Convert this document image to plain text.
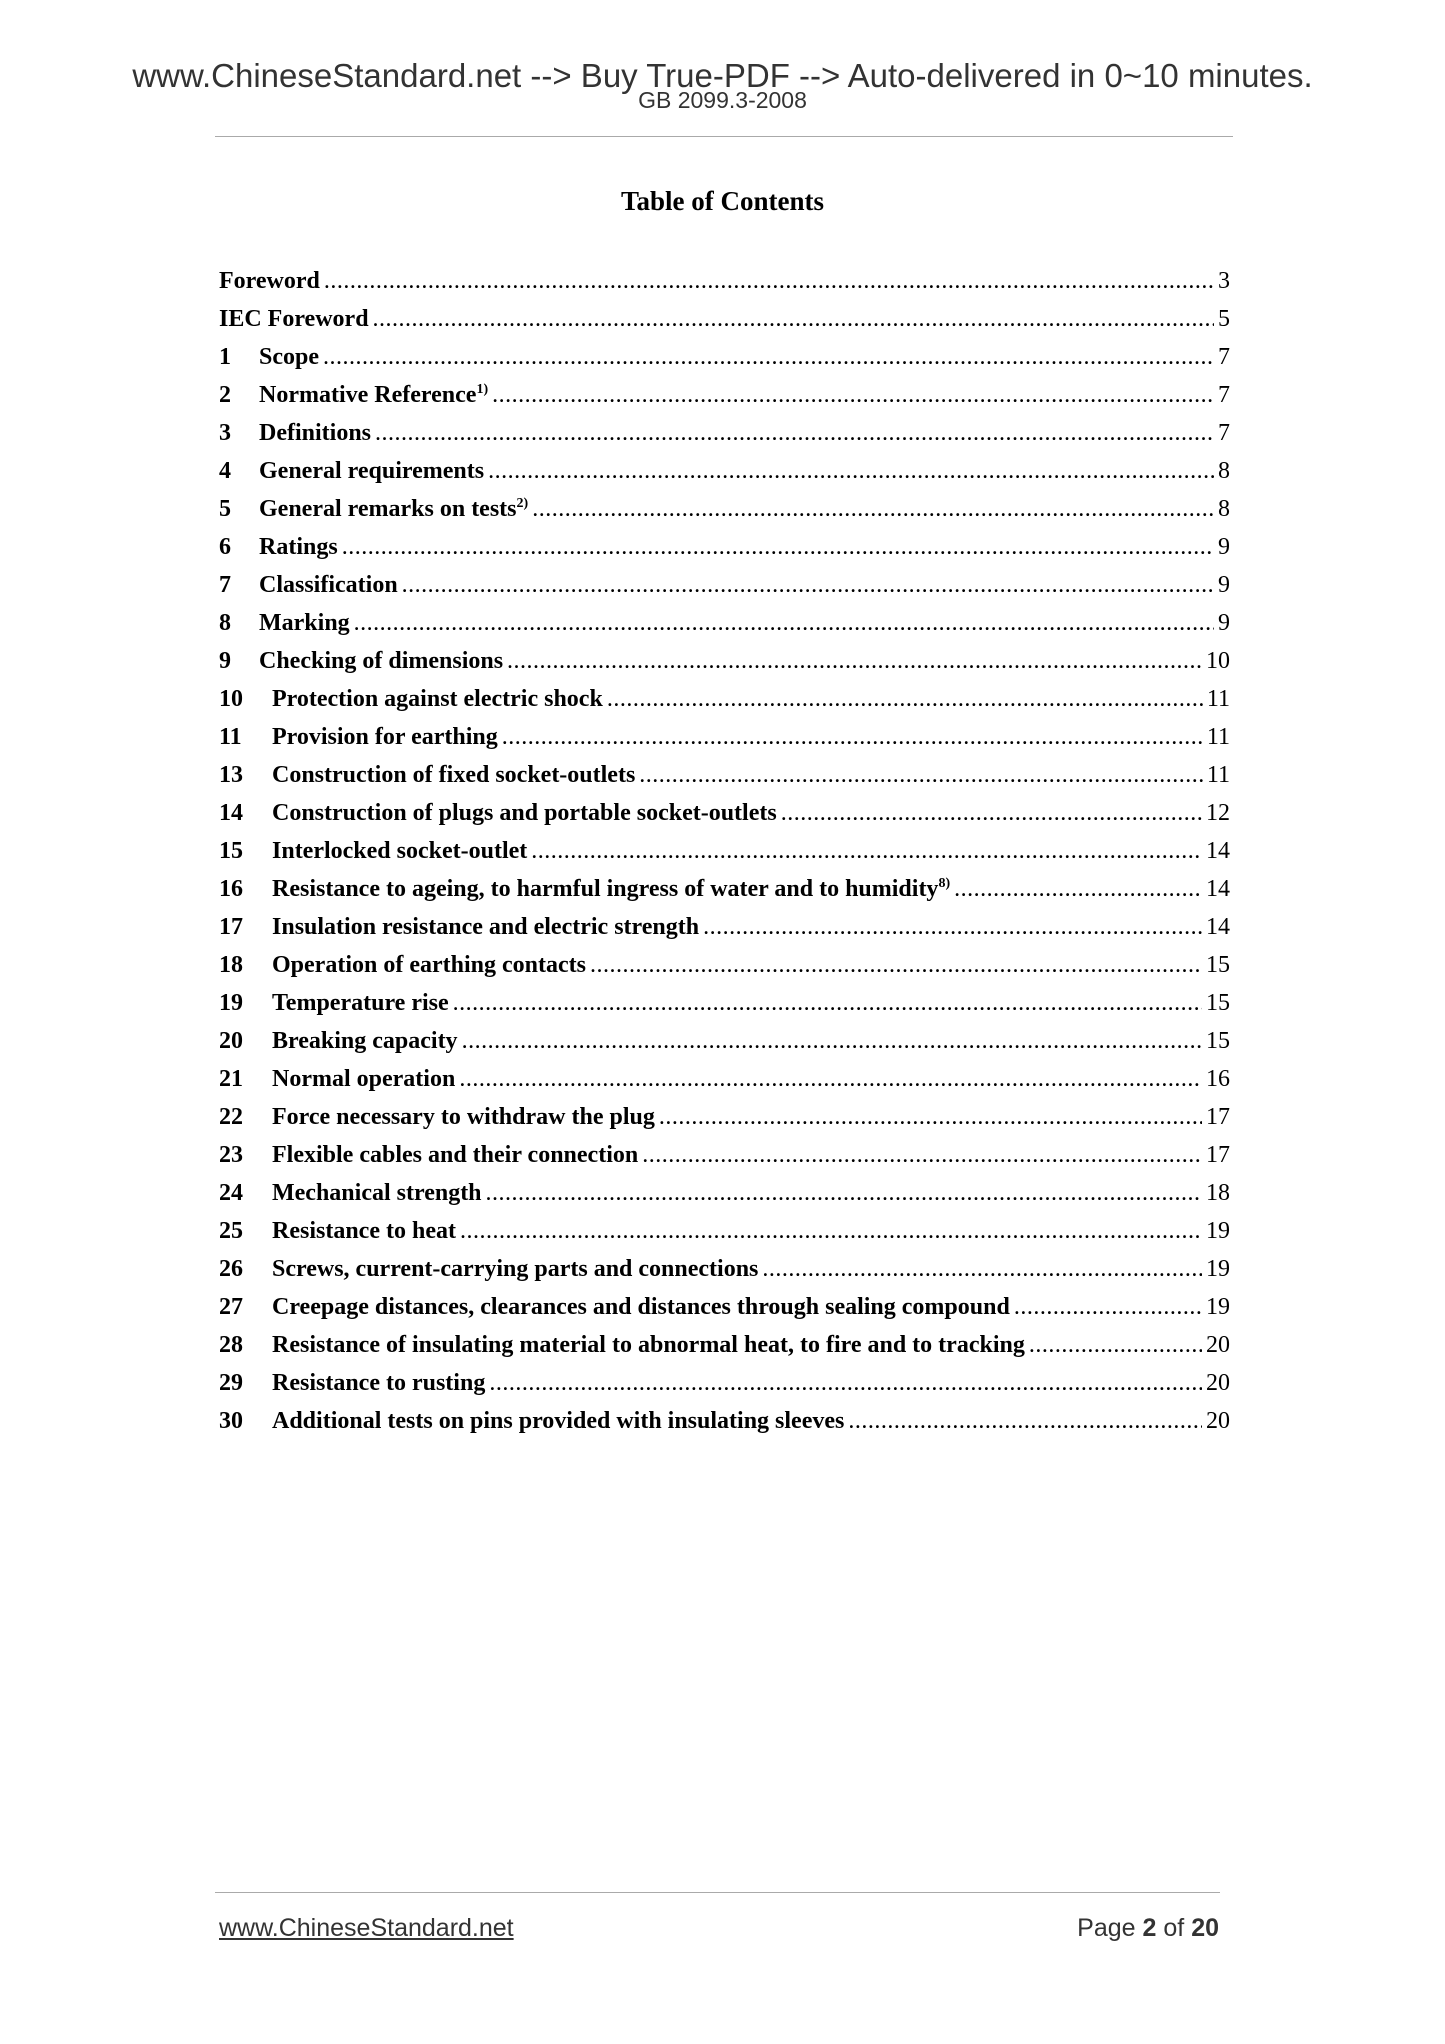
www.ChineseStandard.net --> Buy True-PDF --> Auto-delivered in 0~10 minutes.
GB 2099.3-2008
Table of Contents
Foreword .....	3
IEC Foreword .....	5
1	Scope .....	7
2	Normative Reference$^{1)}$ .....	7
3	Definitions .....	7
4	General requirements .....	8
5	General remarks on tests$^{2)}$ .....	8
6	Ratings .....	9
7	Classification .....	9
8	Marking .....	9
9	Checking of dimensions .....	10
10	Protection against electric shock .....	11
11	Provision for earthing .....	11
13	Construction of fixed socket-outlets .....	11
14	Construction of plugs and portable socket-outlets .....	12
15	Interlocked socket-outlet .....	14
16	Resistance to ageing, to harmful ingress of water and to humidity$^{8)}$ .....	14
17	Insulation resistance and electric strength .....	14
18	Operation of earthing contacts .....	15
19	Temperature rise .....	15
20	Breaking capacity .....	15
21	Normal operation .....	16
22	Force necessary to withdraw the plug .....	17
23	Flexible cables and their connection .....	17
24	Mechanical strength .....	18
25	Resistance to heat .....	19
26	Screws, current-carrying parts and connections .....	19
27	Creepage distances, clearances and distances through sealing compound .....	19
28	Resistance of insulating material to abnormal heat, to fire and to tracking .....	20
29	Resistance to rusting .....	20
30	Additional tests on pins provided with insulating sleeves .....	20
www.ChineseStandard.net	Page 2 of 20
